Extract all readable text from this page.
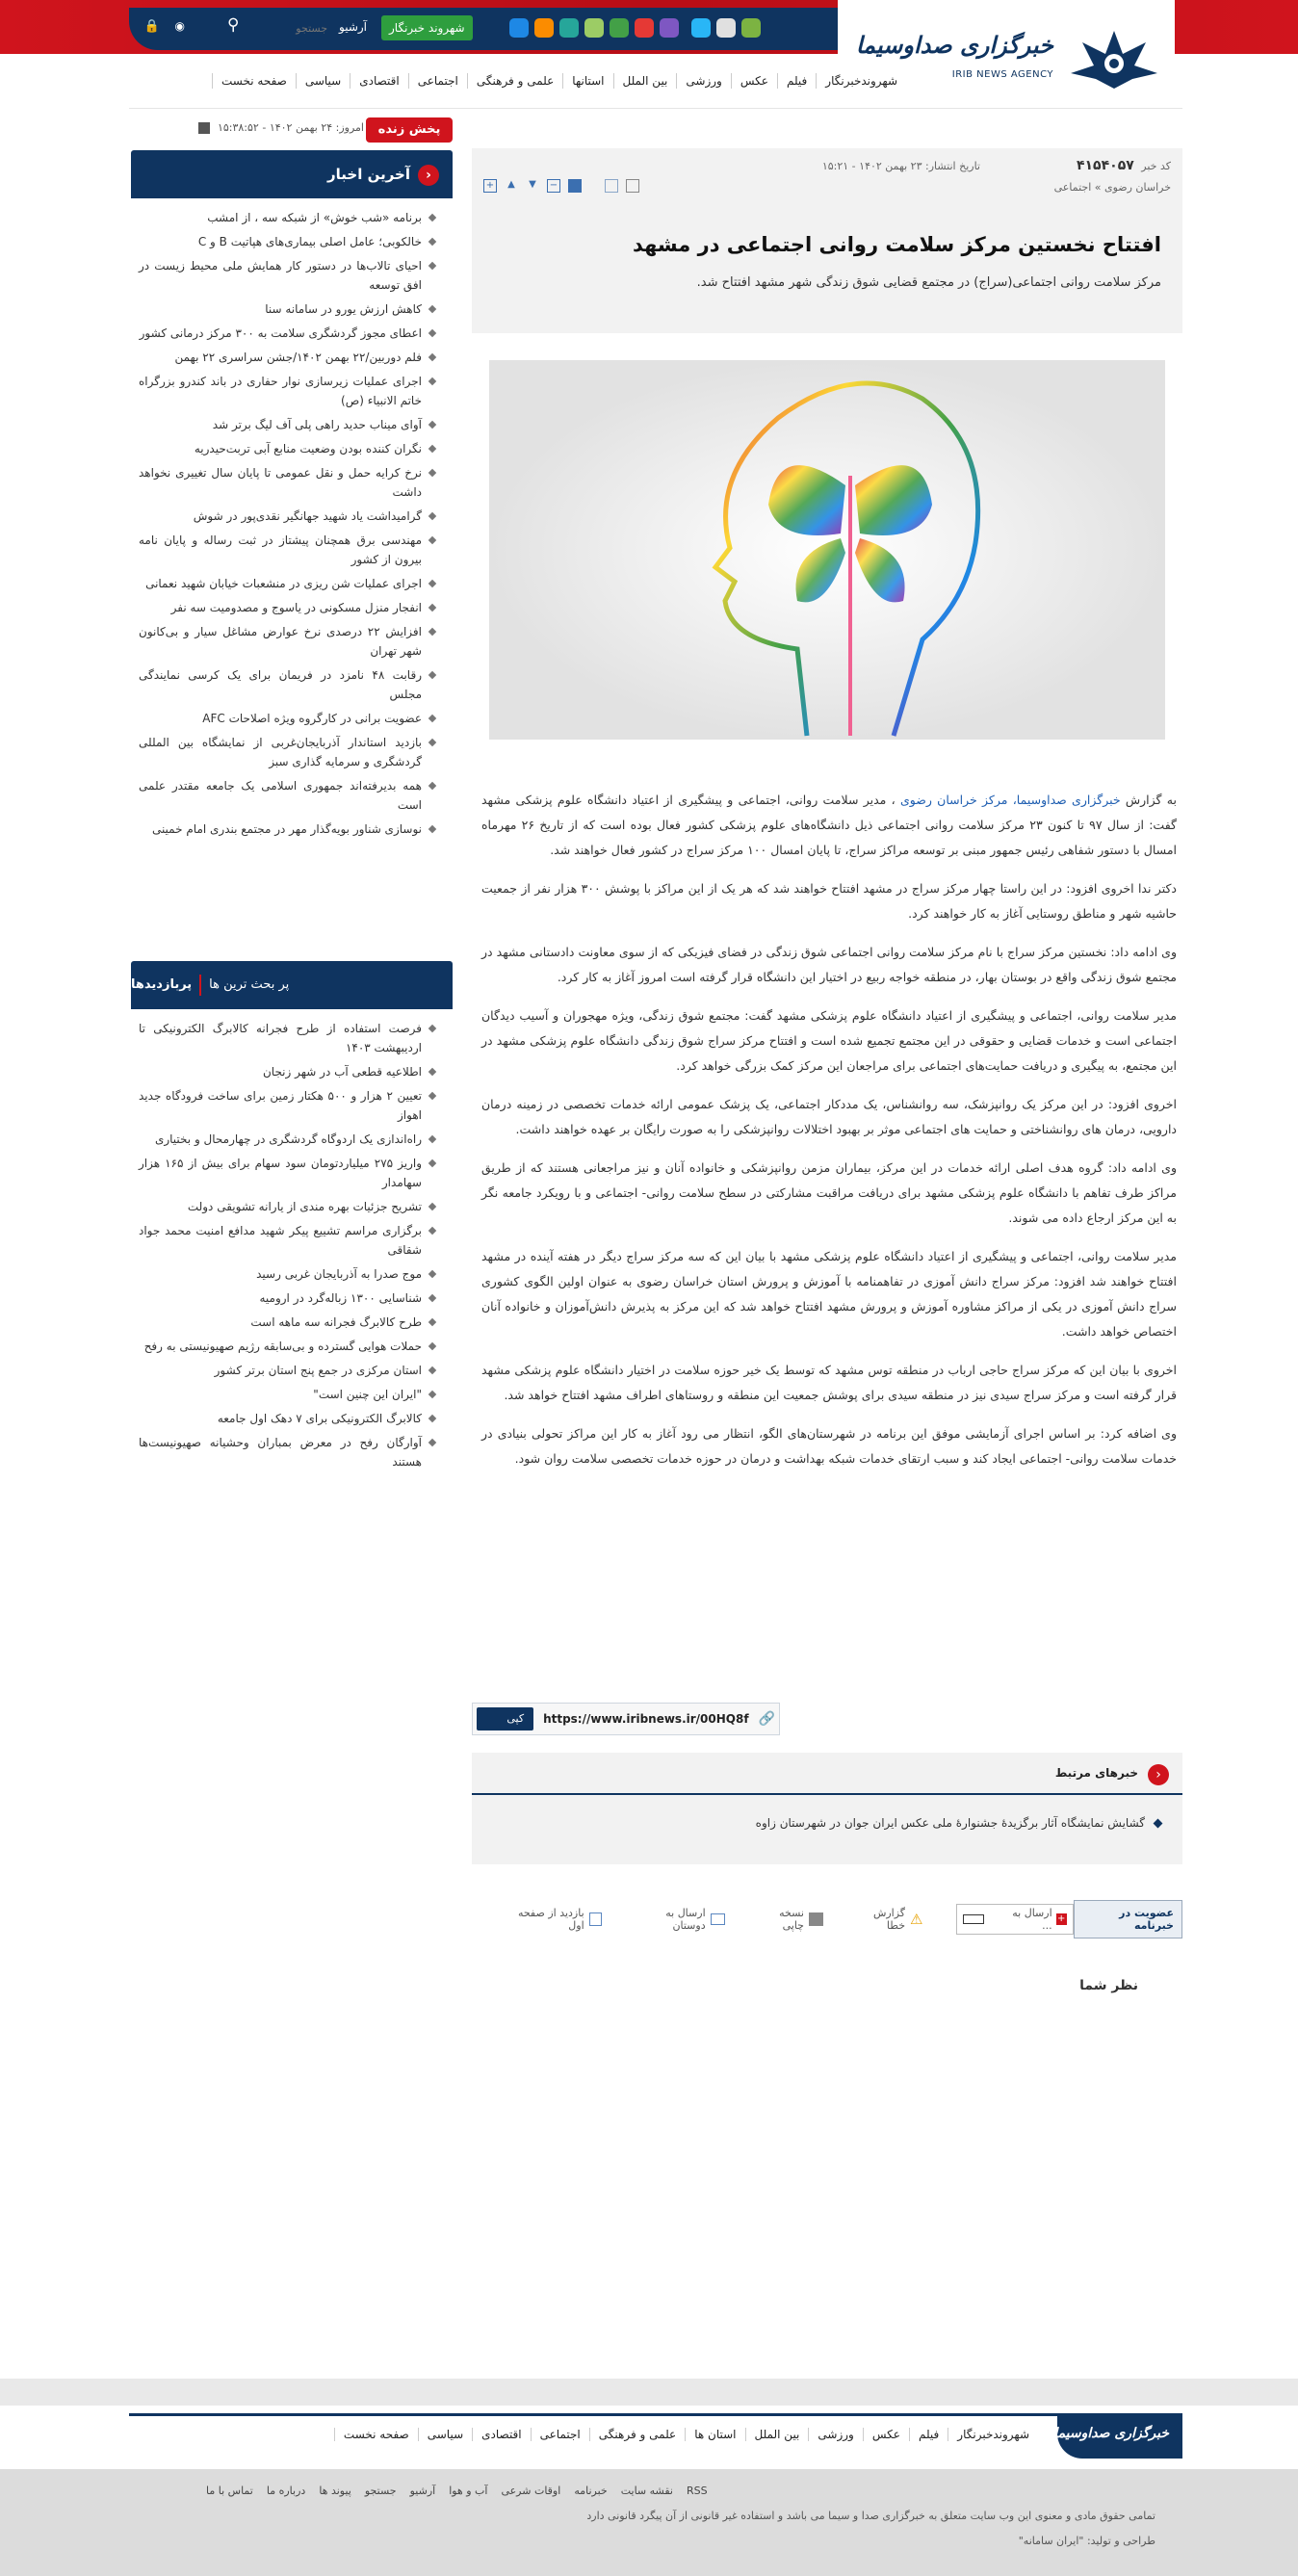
🔒 ◉	⚲
جستجو	آرشیو	شهروند خبرنگار
خبرگزاری صداوسیما
IRIB NEWS AGENCY
صفحه نخست	سیاسی	اقتصادی	اجتماعی	علمی و فرهنگی	استانها	بین الملل	ورزشی	عکس	فیلم	شهروندخبرنگار
پخش زنده
امروز: ۲۴ بهمن ۱۴۰۲ - ۱۵:۳۸:۵۲
‹
آخرین اخبار
برنامه «شب خوش» از شبکه سه ، از امشب
خالکوبی؛ عامل اصلی بیماری‌های هپاتیت B و C
احیای تالاب‌ها در دستور کار همایش ملی محیط زیست در افق توسعه
کاهش ارزش یورو در سامانه سنا
اعطای مجوز گردشگری سلامت به ۳۰۰ مرکز درمانی کشور
فلم دوربین/۲۲ بهمن ۱۴۰۲/جشن سراسری ۲۲ بهمن
اجرای عملیات زیرسازی نوار حفاری در باند کندرو بزرگراه خاتم الانبیاء (ص)
آوای میناب حدید راهی پلی آف لیگ برتر شد
نگران کننده بودن وضعیت منابع آبی تربت‌حیدریه
نرخ کرایه حمل و نقل عمومی تا پایان سال تغییری نخواهد داشت
گرامیداشت یاد شهید جهانگیر نقدی‌پور در شوش
مهندسی برق همچنان پیشتاز در ثبت رساله و پایان نامه بیرون از کشور
اجرای عملیات شن ریزی در منشعبات خیابان شهید نعمانی
انفجار منزل مسکونی در یاسوج و مصدومیت سه نفر
افزایش ۲۲ درصدی نرخ عوارض مشاغل سیار و بی‌کانون شهر تهران
رقابت ۴۸ نامزد در فریمان برای یک کرسی نمایندگی مجلس
عضویت برانی در کارگروه ویژه اصلاحات AFC
بازدید استاندار آذربایجان‌غربی از نمایشگاه بین المللی گردشگری و سرمایه گذاری سبز
همه بدیرفته‌اند جمهوری اسلامی یک جامعه مقتدر علمی است
نوسازی شناور بویه‌گذار مهر در مجتمع بندری امام خمینی
پربازدیدها پر بحث ترین ها
فرصت استفاده از طرح فجرانه کالابرگ الکترونیکی تا اردیبهشت ۱۴۰۳
اطلاعیه قطعی آب در شهر زنجان
تعیین ۲ هزار و ۵۰۰ هکتار زمین برای ساخت فرودگاه جدید اهواز
راه‌اندازی یک اردوگاه گردشگری در چهارمحال و بختیاری
واریز ۲۷۵ میلیاردتومان سود سهام برای بیش از ۱۶۵ هزار سهامدار
تشریح جزئیات بهره مندی از یارانه تشویقی دولت
برگزاری مراسم تشییع پیکر شهید مدافع امنیت محمد جواد شقاقی
موج صدرا به آذربایجان غربی رسید
شناسایی ۱۳۰۰ زباله‌گرد در ارومیه
طرح کالابرگ فجرانه سه ماهه است
حملات هوایی گسترده و بی‌سابقه رژیم صهیونیستی به رفح
استان مرکزی در جمع پنج استان برتر کشور
"ایران این چنین است"
کالابرگ الکترونیکی برای ۷ دهک اول جامعه
آوارگان رفح در معرض بمباران وحشیانه صهیونیست‌ها هستند
کد خبر ۴۱۵۴۰۵۷
تاریخ انتشار: ۲۳ بهمن ۱۴۰۲ - ۱۵:۲۱
خراسان رضوی » اجتماعی
−
▼
▲
+
افتتاح نخستین مرکز سلامت روانی اجتماعی در مشهد
مرکز سلامت روانی اجتماعی(سراج) در مجتمع قضایی شوق زندگی شهر مشهد افتتاح شد.

به گزارش خبرگزاری صداوسیما، مرکز خراسان رضوی ، مدیر سلامت روانی، اجتماعی و پیشگیری از اعتیاد دانشگاه علوم پزشکی مشهد گفت: از سال ۹۷ تا کنون ۲۳ مرکز سلامت روانی اجتماعی ذیل دانشگاه‌های علوم پزشکی کشور فعال بوده است که از تاریخ ۲۶ مهرماه امسال با دستور شفاهی رئیس جمهور مبنی بر توسعه مراکز سراج، تا پایان امسال ۱۰۰ مرکز سراج در کشور فعال خواهند شد.

دکتر ندا اخروی افزود: در این راستا چهار مرکز سراج در مشهد افتتاح خواهند شد که هر یک از این مراکز با پوشش ۳۰۰ هزار نفر از جمعیت حاشیه شهر و مناطق روستایی آغاز به کار خواهند کرد.

وی ادامه داد: نخستین مرکز سراج با نام مرکز سلامت روانی اجتماعی شوق زندگی در فضای فیزیکی که از سوی معاونت دادستانی مشهد در مجتمع شوق زندگی واقع در بوستان بهار، در منطقه خواجه ربیع در اختیار این دانشگاه قرار گرفته است امروز آغاز به کار کرد.

مدیر سلامت روانی، اجتماعی و پیشگیری از اعتیاد دانشگاه علوم پزشکی مشهد گفت: مجتمع شوق زندگی، ویژه مهجوران و آسیب دیدگان اجتماعی است و خدمات قضایی و حقوقی در این مجتمع تجمیع شده است و افتتاح مرکز سراج شوق زندگی دانشگاه علوم پزشکی مشهد در این مجتمع، به پیگیری و دریافت حمایت‌های اجتماعی برای مراجعان این مرکز کمک بزرگی خواهد کرد.

اخروی افزود: در این مرکز یک روانپزشک، سه روانشناس، یک مددکار اجتماعی، یک پزشک عمومی ارائه خدمات تخصصی در زمینه درمان دارویی، درمان های روانشناختی و حمایت های اجتماعی موثر بر بهبود اختلالات روانپزشکی را به صورت رایگان بر عهده خواهند داشت.

وی ادامه داد: گروه هدف اصلی ارائه خدمات در این مرکز، بیماران مزمن روانپزشکی و خانواده آنان و نیز مراجعانی هستند که از طریق مراکز طرف تفاهم با دانشگاه علوم پزشکی مشهد برای دریافت مراقبت مشارکتی در سطح سلامت روانی- اجتماعی و با رویکرد جامعه نگر به این مرکز ارجاع داده می شوند.

مدیر سلامت روانی، اجتماعی و پیشگیری از اعتیاد دانشگاه علوم پزشکی مشهد با بیان این که سه مرکز سراج دیگر در هفته آینده در مشهد افتتاح خواهند شد افزود: مرکز سراج دانش آموزی در تفاهمنامه با آموزش و پرورش استان خراسان رضوی به عنوان اولین الگوی کشوری سراج دانش آموزی در یکی از مراکز مشاوره آموزش و پرورش مشهد افتتاح خواهد شد که این مرکز به پذیرش دانش‌آموزان و خانواده آنان اختصاص خواهد داشت.

اخروی با بیان این که مرکز سراج حاجی ارباب در منطقه توس مشهد که توسط یک خیر حوزه سلامت در اختیار دانشگاه علوم پزشکی مشهد قرار گرفته است و مرکز سراج سیدی نیز در منطقه سیدی برای پوشش جمعیت این منطقه و روستاهای اطراف مشهد افتتاح خواهد شد.

وی اضافه کرد: بر اساس اجرای آزمایشی موفق این برنامه در شهرستان‌های الگو، انتظار می رود آغاز به کار این مراکز تحولی بنیادی در خدمات سلامت روانی- اجتماعی ایجاد کند و سبب ارتقای خدمات شبکه بهداشت و درمان در حوزه خدمات تخصصی سلامت روان شود.

کپی لینک
https://www.iribnews.ir/00HQ8f 🔗
‹
خبرهای مرتبط
گشایش نمایشگاه آثار برگزیدهٔ جشنوارهٔ ملی عکس ایران جوان در شهرستان زاوه
بازدید از صفحه اول
ارسال به دوستان
نسخه چاپی	⚠
گزارش خطا
+
ارسال به ...
عضویت در خبرنامه
نظر شما
خبرگزاری صداوسیما
صفحه نخست	سیاسی	اقتصادی	اجتماعی	علمی و فرهنگی	استان ها	بین الملل	ورزشی	عکس	فیلم	شهروندخبرنگار
تماس با ما درباره ما پیوند ها جستجو آرشیو آب و هوا اوقات شرعی خبرنامه نقشه سایت RSS
تمامی حقوق مادی و معنوی این وب سایت متعلق به خبرگزاری صدا و سیما می باشد و استفاده غیر قانونی از آن پیگرد قانونی دارد
طراحی و تولید: "ایران سامانه"
